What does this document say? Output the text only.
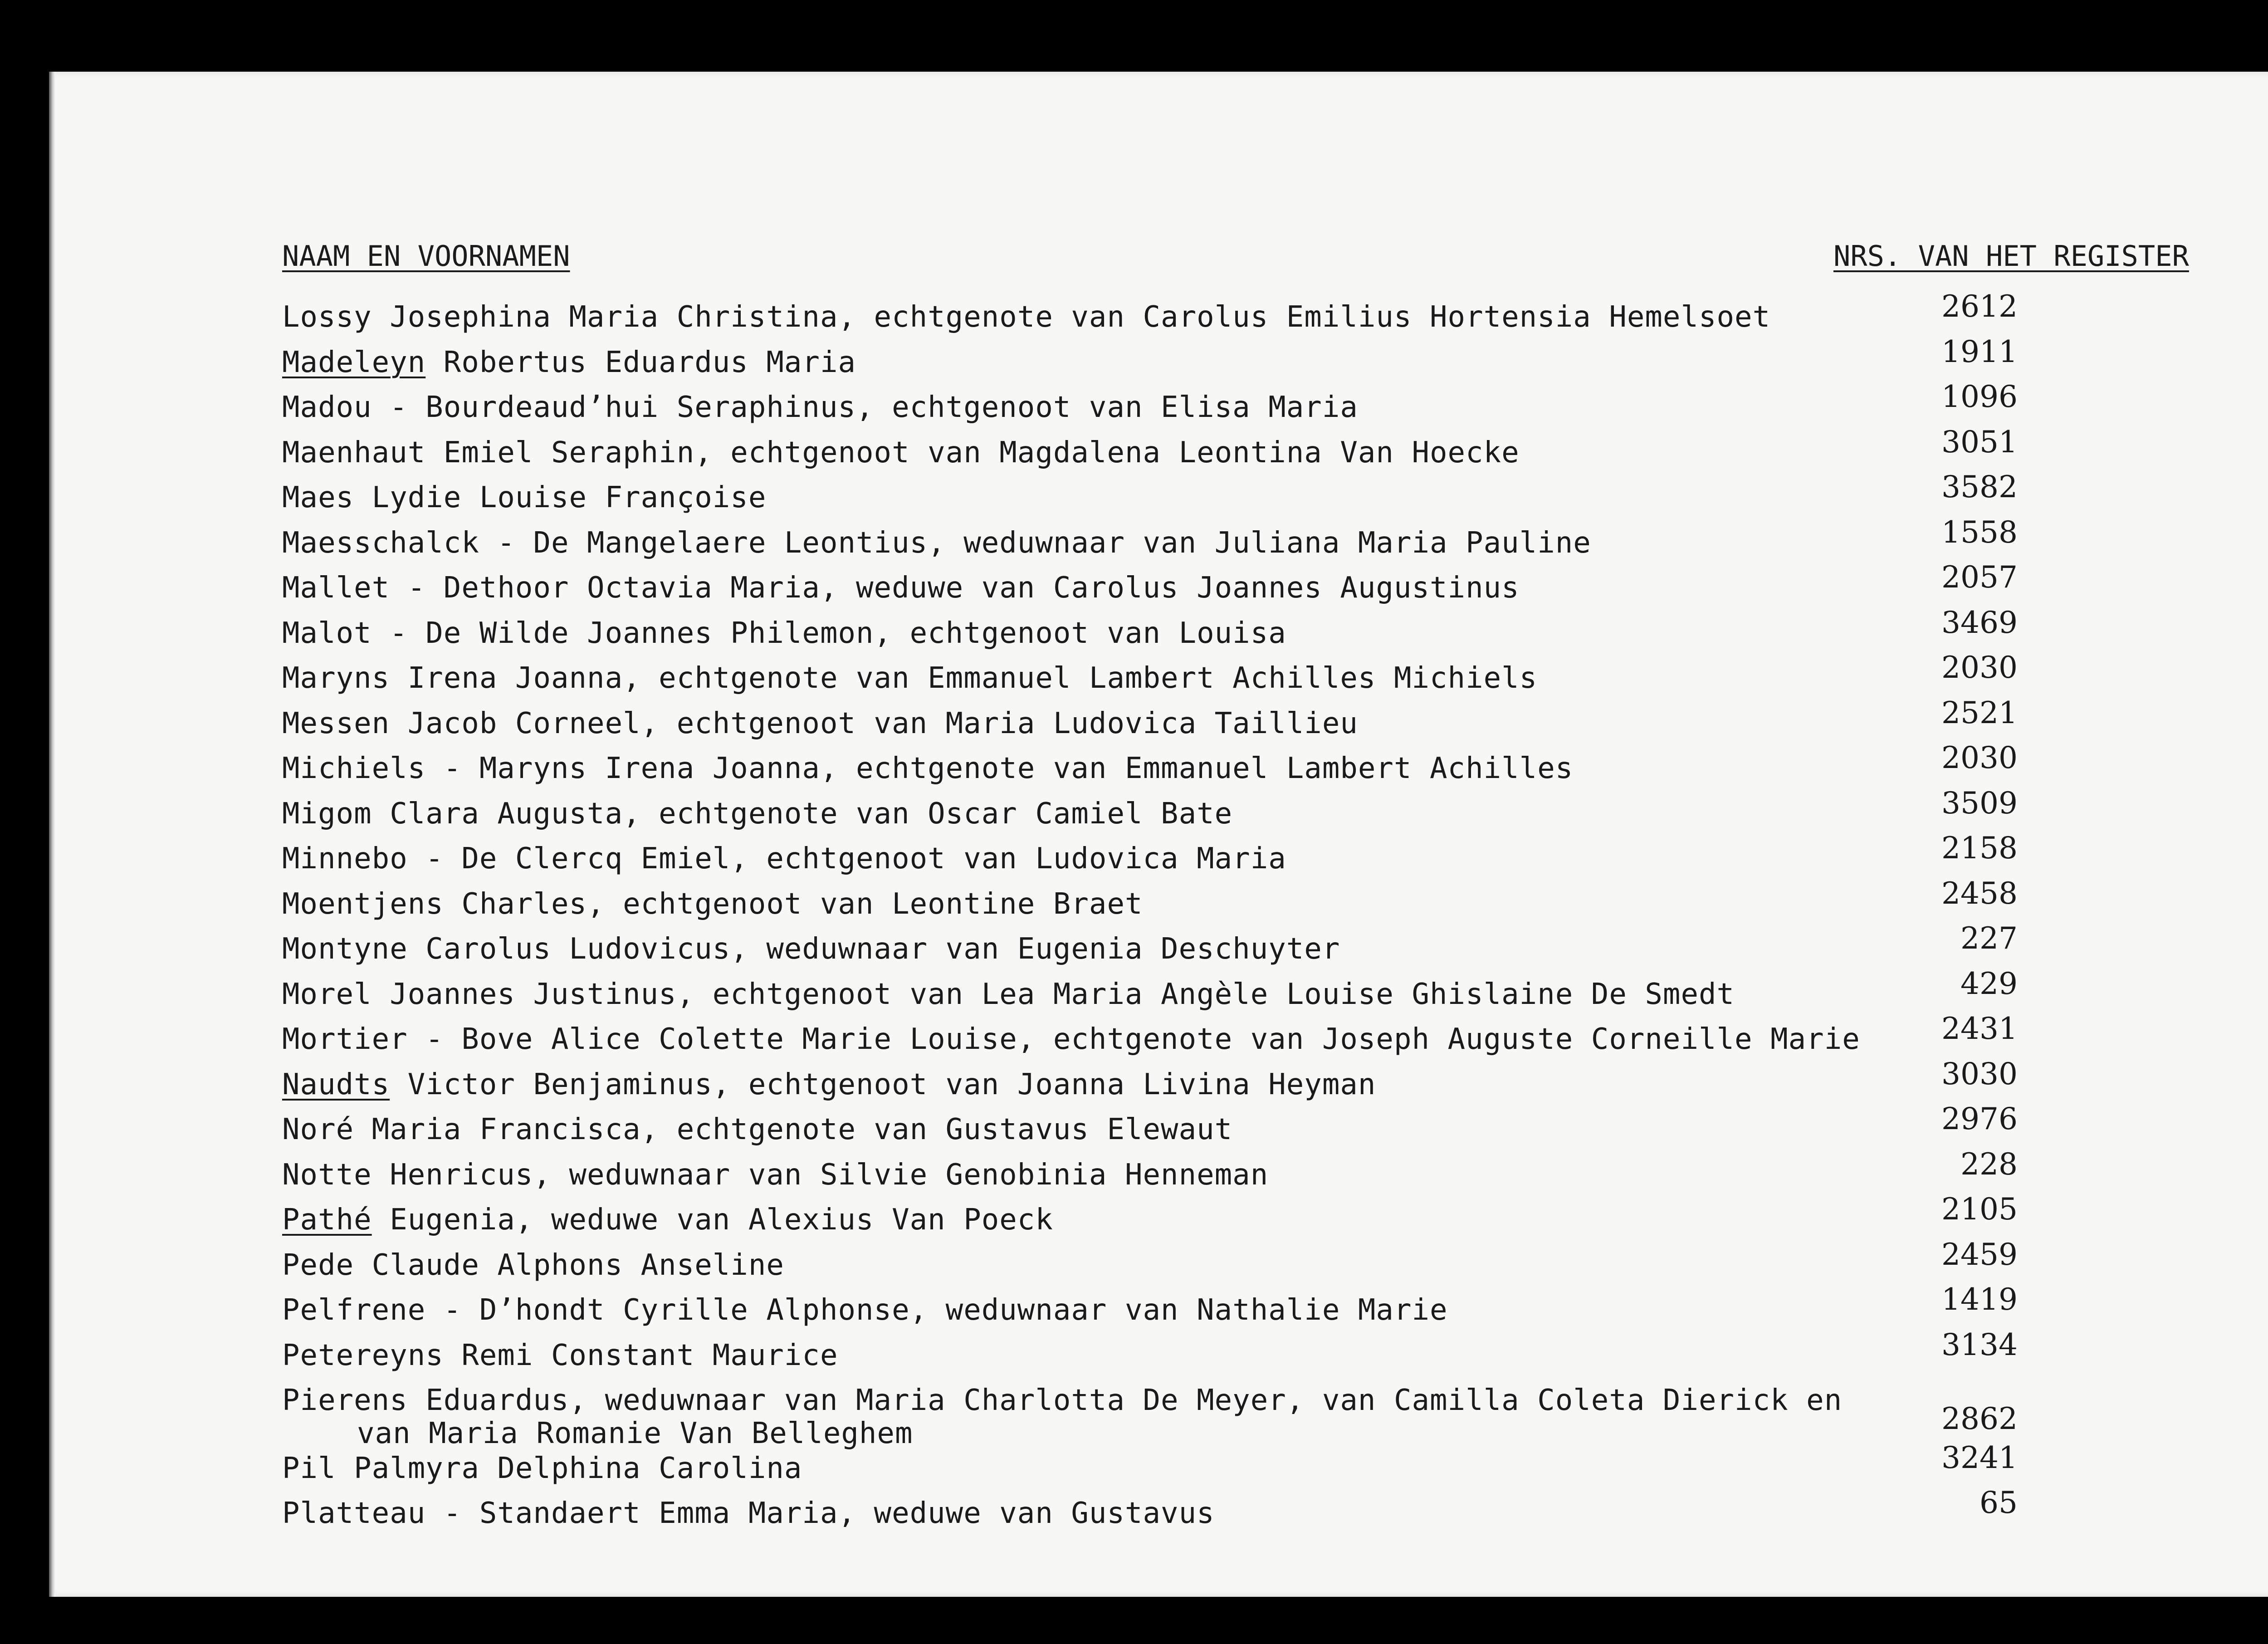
NAAM EN VOORNAMEN	NRS. VAN HET REGISTER
Lossy Josephina Maria Christina, echtgenote van Carolus Emilius Hortensia Hemelsoet	2612
Madeleyn Robertus Eduardus Maria	1911
Madou - Bourdeaud’hui Seraphinus, echtgenoot van Elisa Maria	1096
Maenhaut Emiel Seraphin, echtgenoot van Magdalena Leontina Van Hoecke	3051
Maes Lydie Louise Françoise	3582
Maesschalck - De Mangelaere Leontius, weduwnaar van Juliana Maria Pauline	1558
Mallet - Dethoor Octavia Maria, weduwe van Carolus Joannes Augustinus	2057
Malot - De Wilde Joannes Philemon, echtgenoot van Louisa	3469
Maryns Irena Joanna, echtgenote van Emmanuel Lambert Achilles Michiels	2030
Messen Jacob Corneel, echtgenoot van Maria Ludovica Taillieu	2521
Michiels - Maryns Irena Joanna, echtgenote van Emmanuel Lambert Achilles	2030
Migom Clara Augusta, echtgenote van Oscar Camiel Bate	3509
Minnebo - De Clercq Emiel, echtgenoot van Ludovica Maria	2158
Moentjens Charles, echtgenoot van Leontine Braet	2458
Montyne Carolus Ludovicus, weduwnaar van Eugenia Deschuyter	227
Morel Joannes Justinus, echtgenoot van Lea Maria Angèle Louise Ghislaine De Smedt	429
Mortier - Bove Alice Colette Marie Louise, echtgenote van Joseph Auguste Corneille Marie	2431
Naudts Victor Benjaminus, echtgenoot van Joanna Livina Heyman	3030
Noré Maria Francisca, echtgenote van Gustavus Elewaut	2976
Notte Henricus, weduwnaar van Silvie Genobinia Henneman	228
Pathé Eugenia, weduwe van Alexius Van Poeck	2105
Pede Claude Alphons Anseline	2459
Pelfrene - D’hondt Cyrille Alphonse, weduwnaar van Nathalie Marie	1419
Petereyns Remi Constant Maurice	3134
Pierens Eduardus, weduwnaar van Maria Charlotta De Meyer, van Camilla Coleta Dierick en
van Maria Romanie Van Belleghem	2862
Pil Palmyra Delphina Carolina	3241
Platteau - Standaert Emma Maria, weduwe van Gustavus	65
